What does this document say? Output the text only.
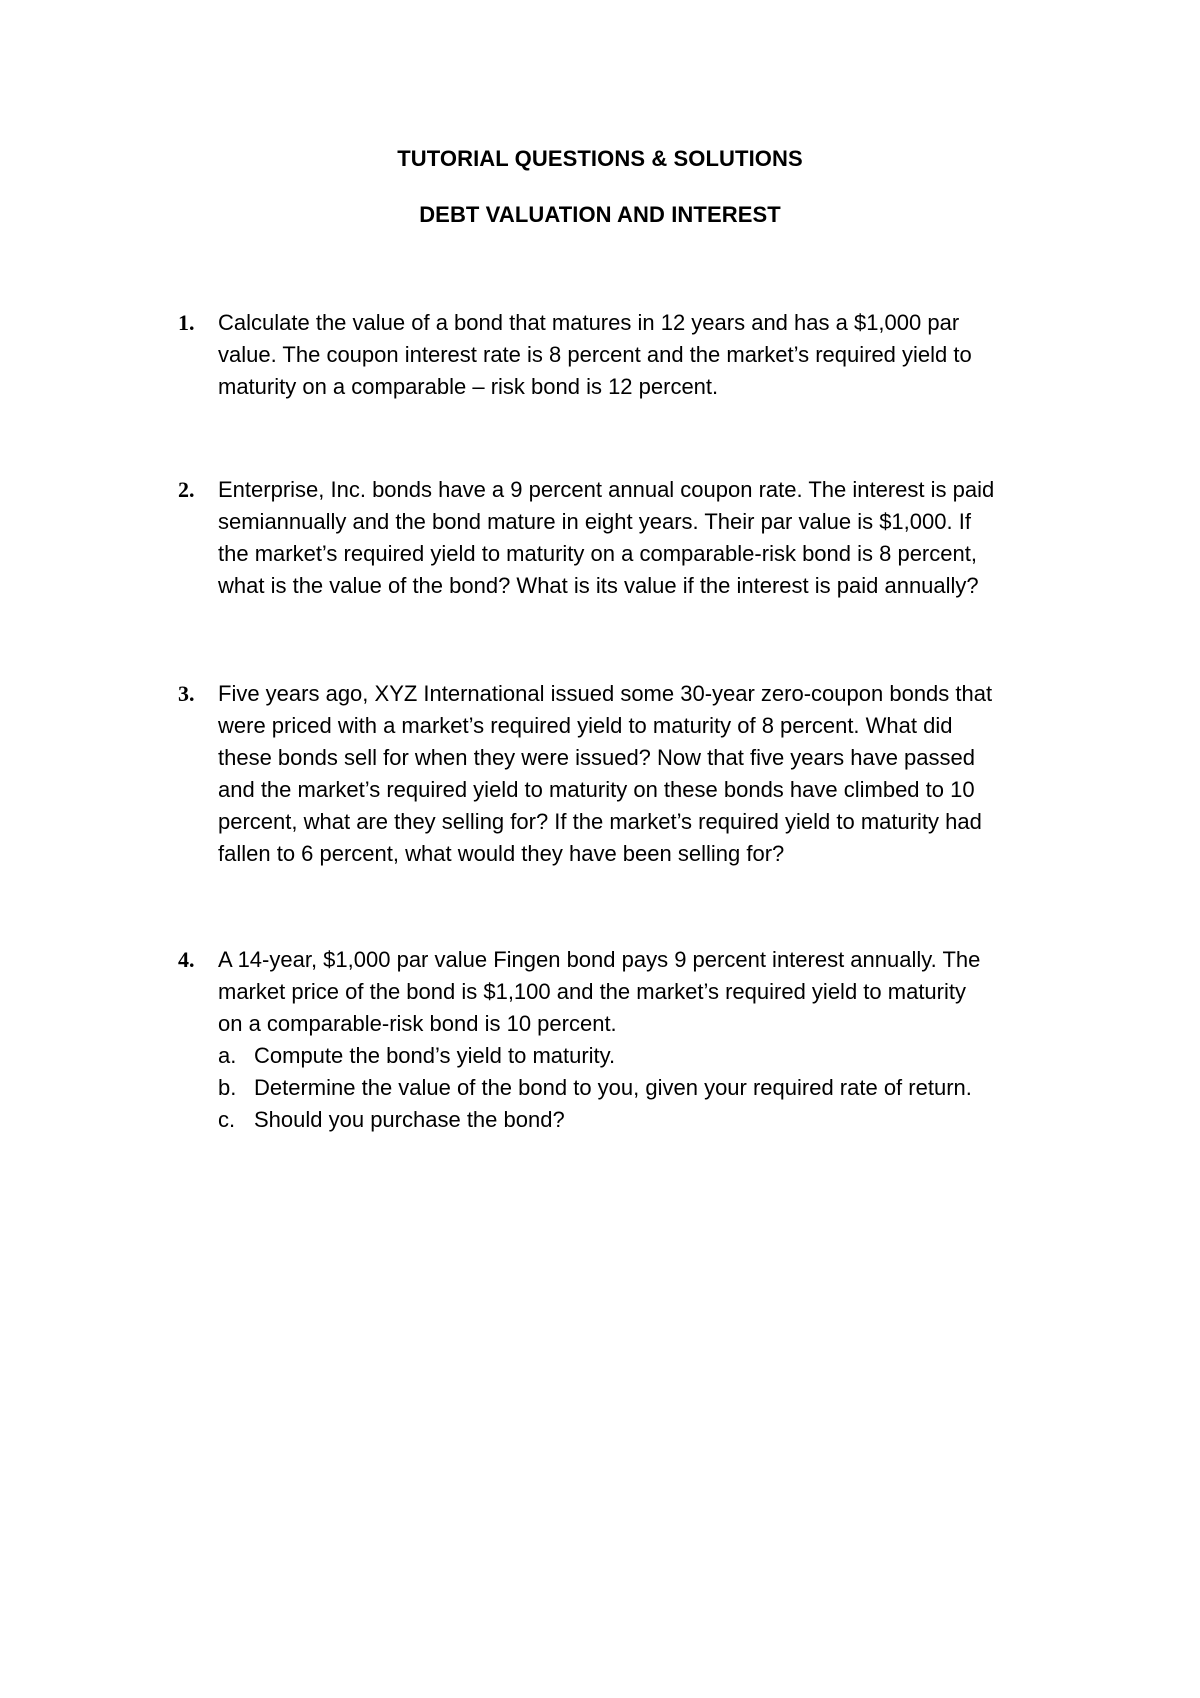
TUTORIAL QUESTIONS & SOLUTIONS
DEBT VALUATION AND INTEREST
1. Calculate the value of a bond that matures in 12 years and has a $1,000 par
value. The coupon interest rate is 8 percent and the market’s required yield to
maturity on a comparable – risk bond is 12 percent.
2. Enterprise, Inc. bonds have a 9 percent annual coupon rate. The interest is paid
semiannually and the bond mature in eight years. Their par value is $1,000. If
the market’s required yield to maturity on a comparable-risk bond is 8 percent,
what is the value of the bond? What is its value if the interest is paid annually?
3. Five years ago, XYZ International issued some 30-year zero-coupon bonds that
were priced with a market’s required yield to maturity of 8 percent. What did
these bonds sell for when they were issued? Now that five years have passed
and the market’s required yield to maturity on these bonds have climbed to 10
percent, what are they selling for? If the market’s required yield to maturity had
fallen to 6 percent, what would they have been selling for?
4. A 14-year, $1,000 par value Fingen bond pays 9 percent interest annually. The
market price of the bond is $1,100 and the market’s required yield to maturity
on a comparable-risk bond is 10 percent.
a. Compute the bond’s yield to maturity.
b. Determine the value of the bond to you, given your required rate of return.
c. Should you purchase the bond?
